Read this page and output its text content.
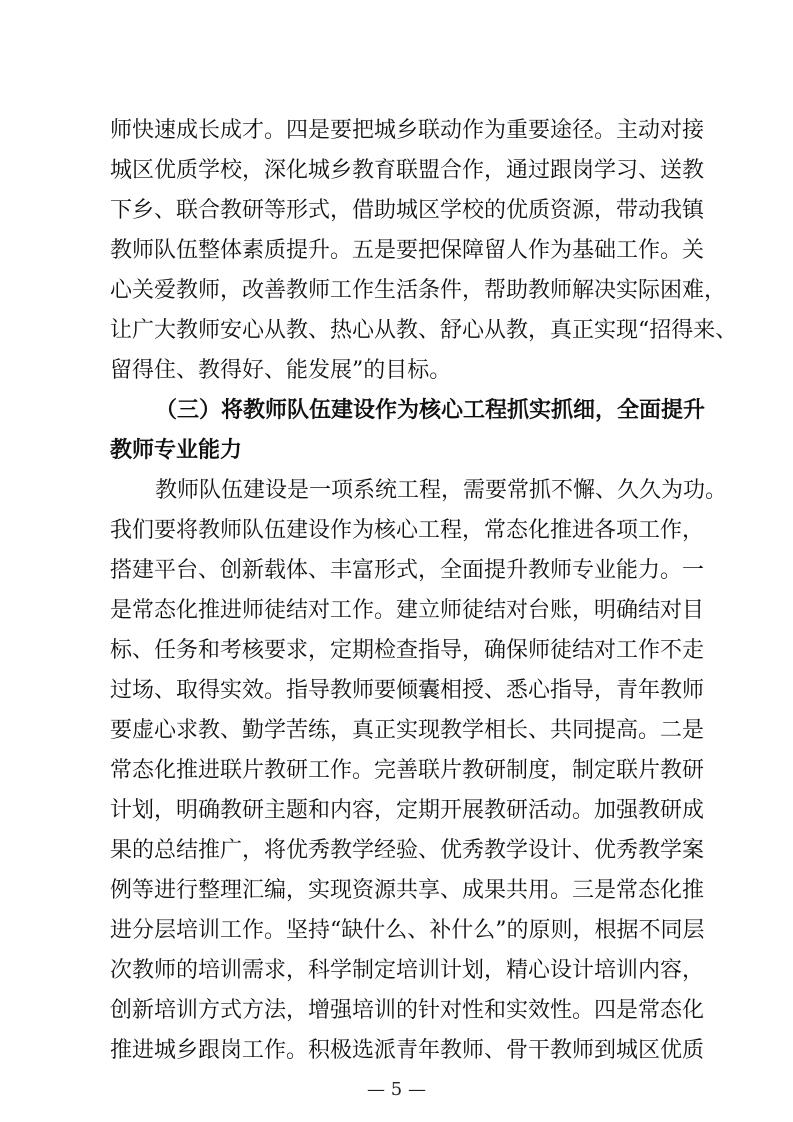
师快速成长成才。四是要把城乡联动作为重要途径。主动对接
城区优质学校，深化城乡教育联盟合作，通过跟岗学习、送教
下乡、联合教研等形式，借助城区学校的优质资源，带动我镇
教师队伍整体素质提升。五是要把保障留人作为基础工作。关
心关爱教师，改善教师工作生活条件，帮助教师解决实际困难，
让广大教师安心从教、热心从教、舒心从教，真正实现“招得来、
留得住、教得好、能发展”的目标。
（三）将教师队伍建设作为核心工程抓实抓细，全面提升
教师专业能力
教师队伍建设是一项系统工程，需要常抓不懈、久久为功。
我们要将教师队伍建设作为核心工程，常态化推进各项工作，
搭建平台、创新载体、丰富形式，全面提升教师专业能力。一
是常态化推进师徒结对工作。建立师徒结对台账，明确结对目
标、任务和考核要求，定期检查指导，确保师徒结对工作不走
过场、取得实效。指导教师要倾囊相授、悉心指导，青年教师
要虚心求教、勤学苦练，真正实现教学相长、共同提高。二是
常态化推进联片教研工作。完善联片教研制度，制定联片教研
计划，明确教研主题和内容，定期开展教研活动。加强教研成
果的总结推广，将优秀教学经验、优秀教学设计、优秀教学案
例等进行整理汇编，实现资源共享、成果共用。三是常态化推
进分层培训工作。坚持“缺什么、补什么”的原则，根据不同层
次教师的培训需求，科学制定培训计划，精心设计培训内容，
创新培训方式方法，增强培训的针对性和实效性。四是常态化
推进城乡跟岗工作。积极选派青年教师、骨干教师到城区优质
— 5 —
